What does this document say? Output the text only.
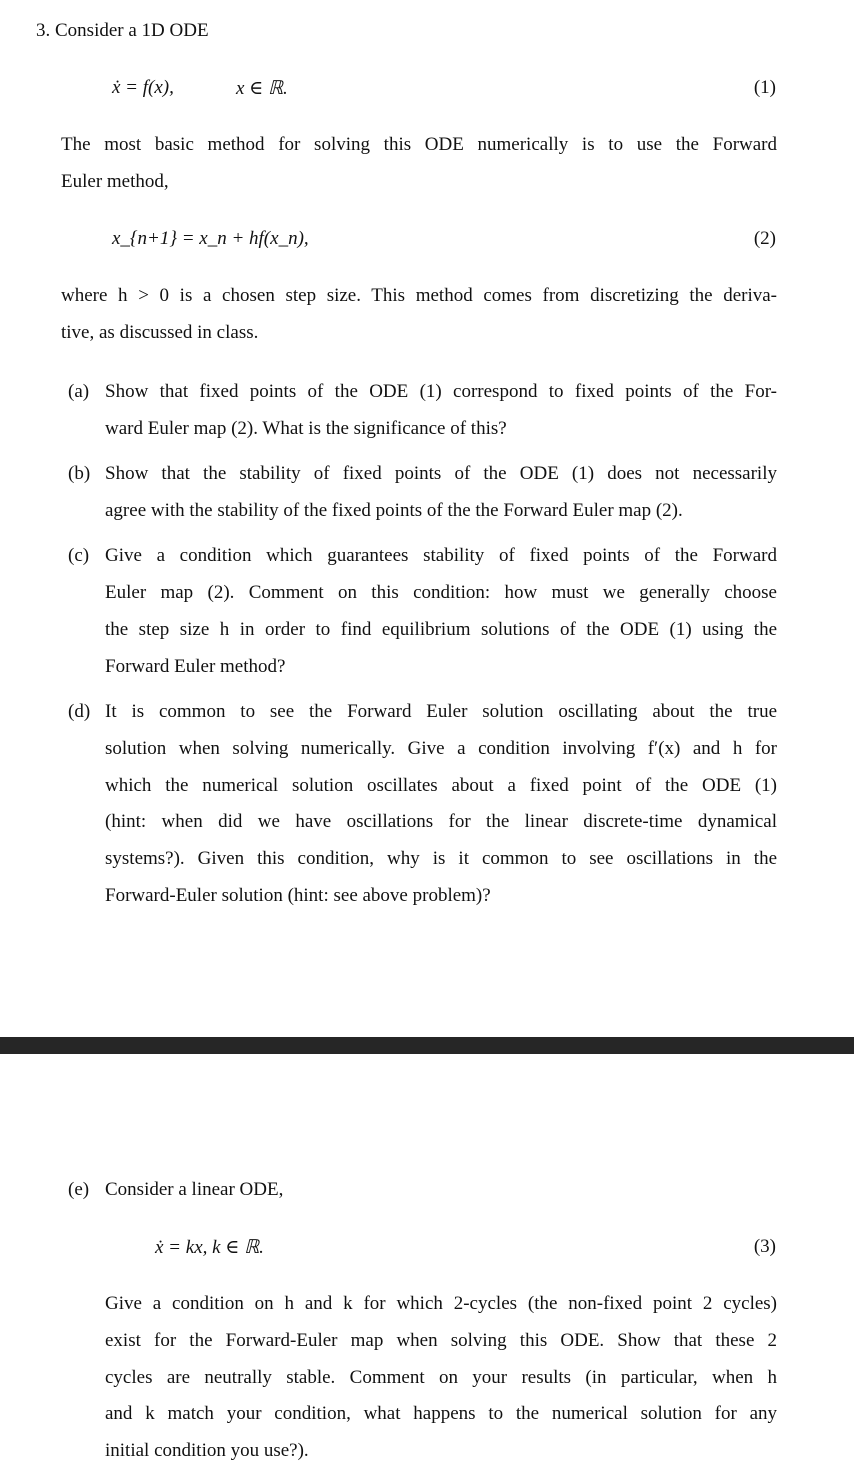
3. Consider a 1D ODE
ẋ = f(x),	x ∈ ℝ.	(1)
The most basic method for solving this ODE numerically is to use the Forward
Euler method,
x_{n+1} = x_n + hf(x_n),	(2)
where h > 0 is a chosen step size. This method comes from discretizing the deriva-
tive, as discussed in class.
(a) Show that fixed points of the ODE (1) correspond to fixed points of the For-
ward Euler map (2). What is the significance of this?
(b) Show that the stability of fixed points of the ODE (1) does not necessarily
agree with the stability of the fixed points of the the Forward Euler map (2).
(c) Give a condition which guarantees stability of fixed points of the Forward
Euler map (2). Comment on this condition: how must we generally choose
the step size h in order to find equilibrium solutions of the ODE (1) using the
Forward Euler method?
(d) It is common to see the Forward Euler solution oscillating about the true
solution when solving numerically. Give a condition involving f′(x) and h for
which the numerical solution oscillates about a fixed point of the ODE (1)
(hint: when did we have oscillations for the linear discrete-time dynamical
systems?). Given this condition, why is it common to see oscillations in the
Forward-Euler solution (hint: see above problem)?
(e) Consider a linear ODE,
ẋ = kx, k ∈ ℝ.	(3)
Give a condition on h and k for which 2-cycles (the non-fixed point 2 cycles)
exist for the Forward-Euler map when solving this ODE. Show that these 2
cycles are neutrally stable. Comment on your results (in particular, when h
and k match your condition, what happens to the numerical solution for any
initial condition you use?).
